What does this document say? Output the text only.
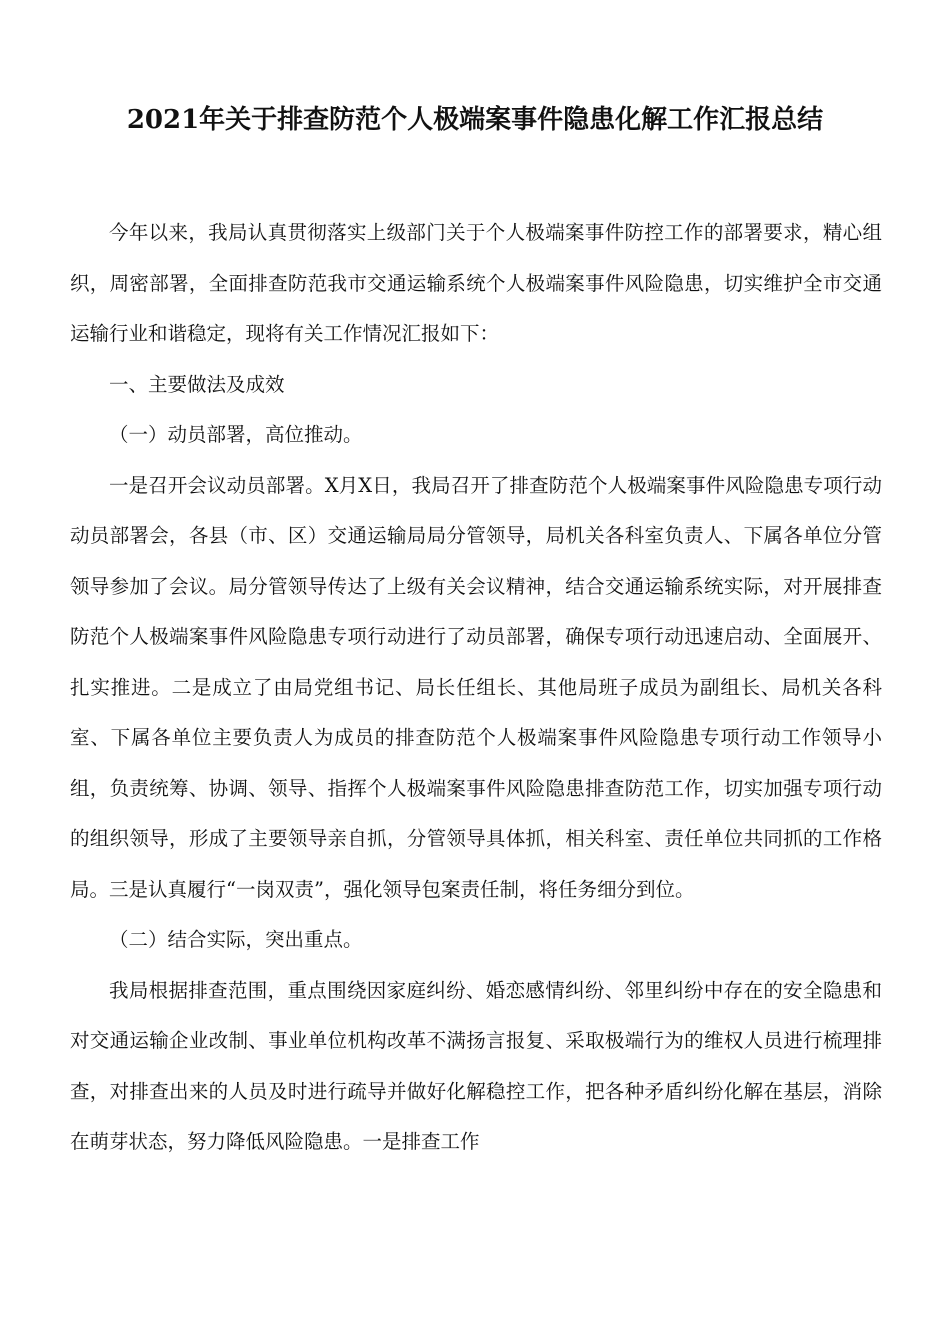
2021年关于排查防范个人极端案事件隐患化解工作汇报总结

今年以来，我局认真贯彻落实上级部门关于个人极端案事件防控工作的部署要求，精心组织，周密部署，全面排查防范我市交通运输系统个人极端案事件风险隐患，切实维护全市交通运输行业和谐稳定，现将有关工作情况汇报如下：

一、主要做法及成效

（一）动员部署，高位推动。

一是召开会议动员部署。X月X日，我局召开了排查防范个人极端案事件风险隐患专项行动动员部署会，各县（市、区）交通运输局局分管领导，局机关各科室负责人、下属各单位分管领导参加了会议。局分管领导传达了上级有关会议精神，结合交通运输系统实际，对开展排查防范个人极端案事件风险隐患专项行动进行了动员部署，确保专项行动迅速启动、全面展开、扎实推进。二是成立了由局党组书记、局长任组长、其他局班子成员为副组长、局机关各科室、下属各单位主要负责人为成员的排查防范个人极端案事件风险隐患专项行动工作领导小组，负责统筹、协调、领导、指挥个人极端案事件风险隐患排查防范工作，切实加强专项行动的组织领导，形成了主要领导亲自抓，分管领导具体抓，相关科室、责任单位共同抓的工作格局。三是认真履行“一岗双责”，强化领导包案责任制，将任务细分到位。

（二）结合实际，突出重点。

我局根据排查范围，重点围绕因家庭纠纷、婚恋感情纠纷、邻里纠纷中存在的安全隐患和对交通运输企业改制、事业单位机构改革不满扬言报复、采取极端行为的维权人员进行梳理排查，对排查出来的人员及时进行疏导并做好化解稳控工作，把各种矛盾纠纷化解在基层，消除在萌芽状态，努力降低风险隐患。一是排查工作
